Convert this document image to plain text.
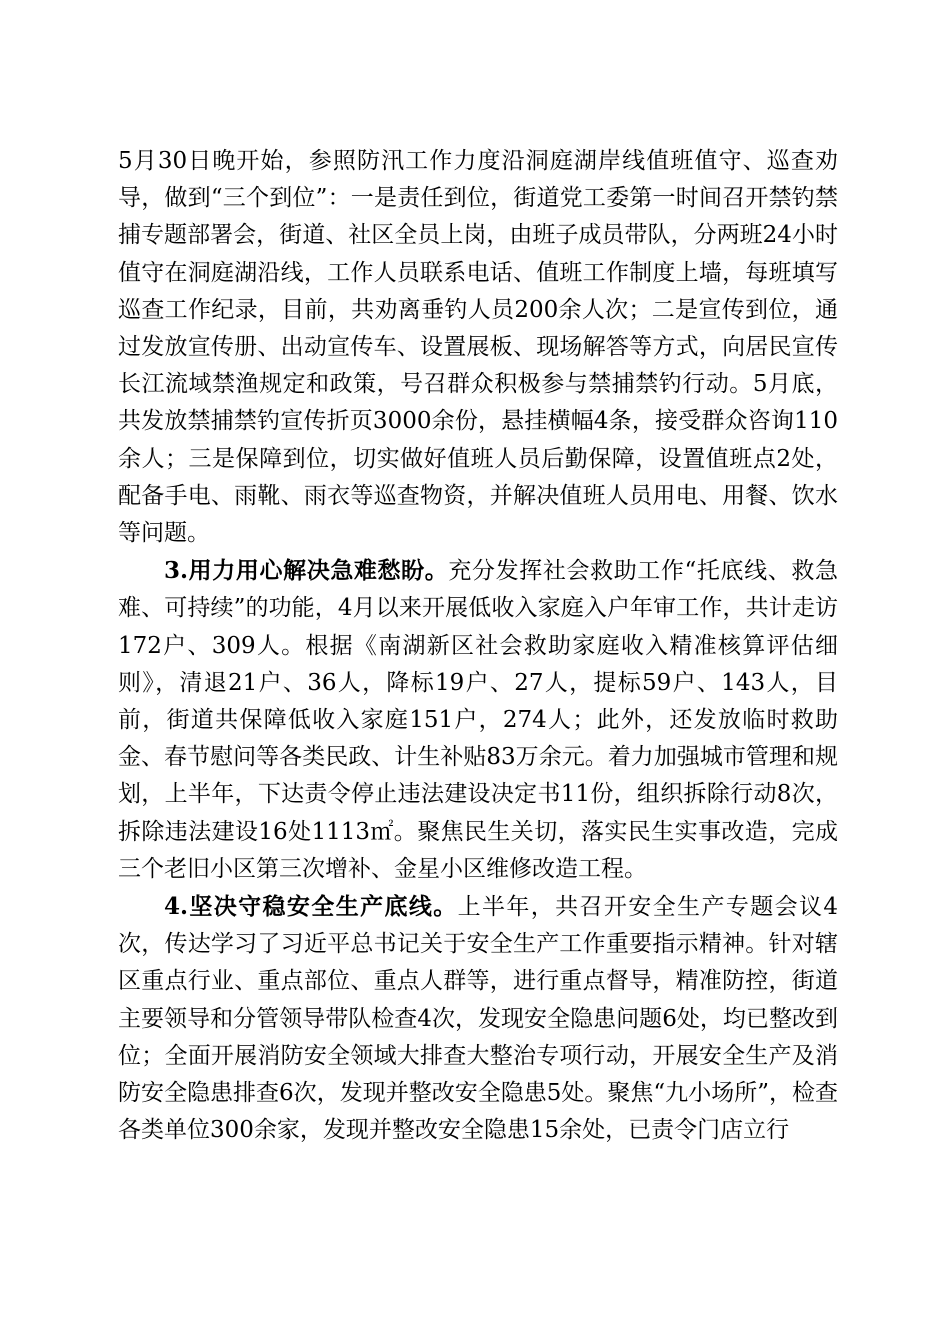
5月30日晚开始，参照防汛工作力度沿洞庭湖岸线值班值守、巡查劝导，做到“三个到位”：一是责任到位，街道党工委第一时间召开禁钓禁捕专题部署会，街道、社区全员上岗，由班子成员带队，分两班24小时值守在洞庭湖沿线，工作人员联系电话、值班工作制度上墙，每班填写巡查工作纪录，目前，共劝离垂钓人员200余人次；二是宣传到位，通过发放宣传册、出动宣传车、设置展板、现场解答等方式，向居民宣传长江流域禁渔规定和政策，号召群众积极参与禁捕禁钓行动。5月底，共发放禁捕禁钓宣传折页3000余份，悬挂横幅4条，接受群众咨询110余人；三是保障到位，切实做好值班人员后勤保障，设置值班点2处，配备手电、雨靴、雨衣等巡查物资，并解决值班人员用电、用餐、饮水等问题。

3.用力用心解决急难愁盼。充分发挥社会救助工作“托底线、救急难、可持续”的功能，4月以来开展低收入家庭入户年审工作，共计走访172户、309人。根据《南湖新区社会救助家庭收入精准核算评估细则》，清退21户、36人，降标19户、27人，提标59户、143人，目前，街道共保障低收入家庭151户，274人；此外，还发放临时救助金、春节慰问等各类民政、计生补贴83万余元。着力加强城市管理和规划，上半年，下达责令停止违法建设决定书11份，组织拆除行动8次，拆除违法建设16处1113㎡。聚焦民生关切，落实民生实事改造，完成三个老旧小区第三次增补、金星小区维修改造工程。

4.坚决守稳安全生产底线。上半年，共召开安全生产专题会议4次，传达学习了习近平总书记关于安全生产工作重要指示精神。针对辖区重点行业、重点部位、重点人群等，进行重点督导，精准防控，街道主要领导和分管领导带队检查4次，发现安全隐患问题6处，均已整改到位；全面开展消防安全领域大排查大整治专项行动，开展安全生产及消防安全隐患排查6次，发现并整改安全隐患5处。聚焦“九小场所”，检查各类单位300余家，发现并整改安全隐患15余处，已责令门店立行
